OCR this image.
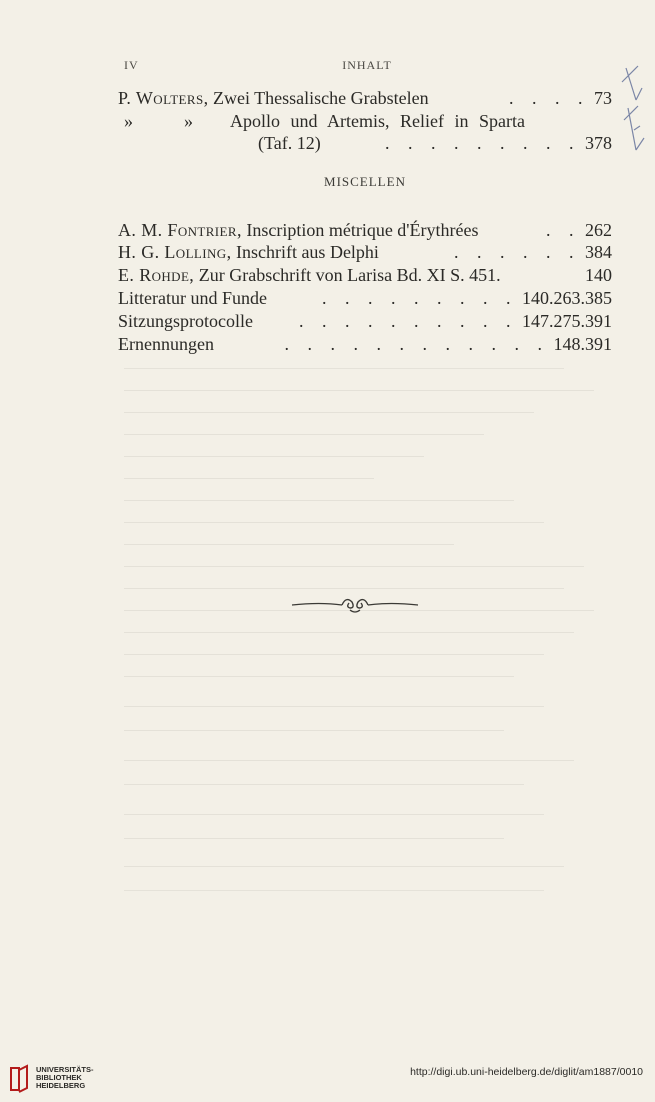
IV	INHALT
P. Wolters, Zwei Thessalische Grabstelen	. . . . 73
»	» Apollo und Artemis, Relief in Sparta
(Taf. 12)	. . . . . . . . . 378
MISCELLEN
A. M. Fontrier, Inscription métrique d'Érythrées	. . 262
H. G. Lolling, Inschrift aus Delphi	. . . . . . 384
E. Rohde, Zur Grabschrift von Larisa Bd. XI S. 451.	140
Litteratur und Funde	. . . . . . . . . 140.263.385
Sitzungsprotocolle	. . . . . . . . . . 147.275.391
Ernennungen	. . . . . . . . . . . . 148.391
UNIVERSITÄTS-
BIBLIOTHEK
HEIDELBERG
http://digi.ub.uni-heidelberg.de/diglit/am1887/0010
